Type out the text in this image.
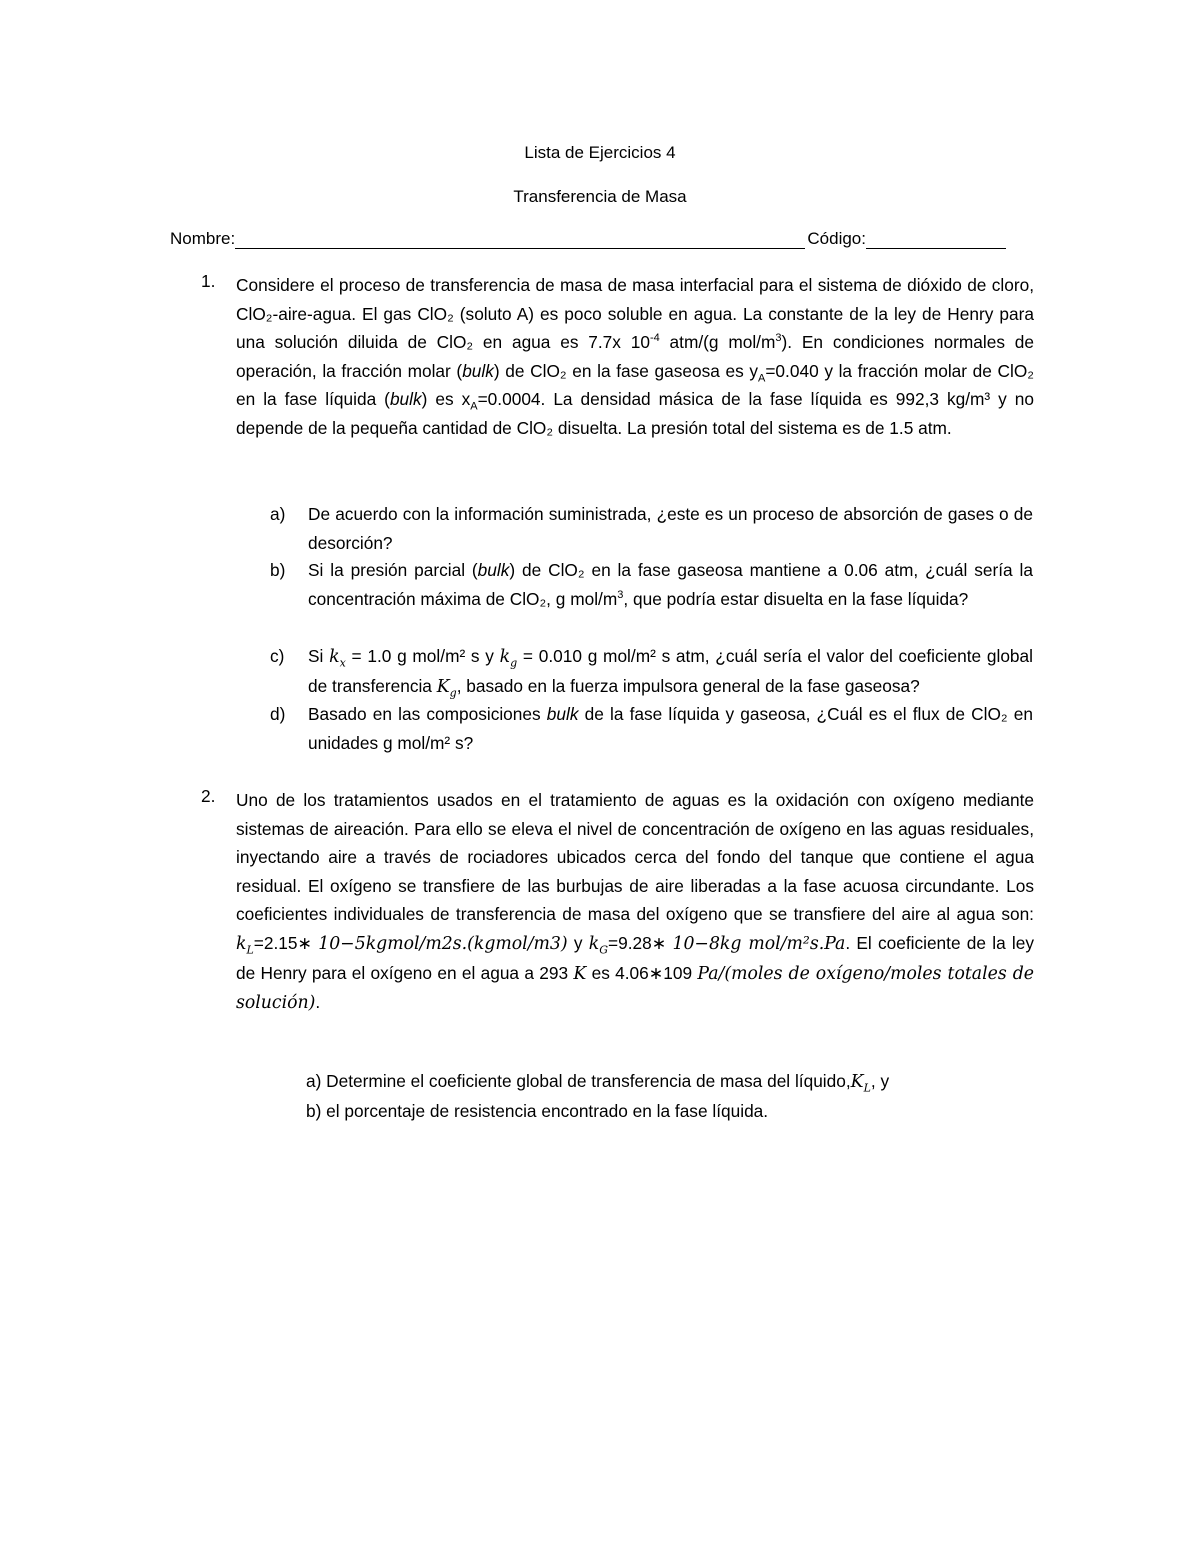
Lista de Ejercicios 4
Transferencia de Masa
Nombre:	Código:
1. Considere el proceso de transferencia de masa de masa interfacial para el sistema de dióxido de cloro, ClO₂-aire-agua. El gas ClO₂ (soluto A) es poco soluble en agua. La constante de la ley de Henry para una solución diluida de ClO₂ en agua es 7.7x $10^{-4}$ atm/(g mol/$m^3$). En condiciones normales de operación, la fracción molar (bulk) de ClO₂ en la fase gaseosa es $y_A=0.040$ y la fracción molar de ClO₂ en la fase líquida (bulk) es $x_A=0.0004$. La densidad másica de la fase líquida es 992,3 kg/m³ y no depende de la pequeña cantidad de ClO₂ disuelta. La presión total del sistema es de 1.5 atm.
a) De acuerdo con la información suministrada, ¿este es un proceso de absorción de gases o de desorción?
b) Si la presión parcial (bulk) de ClO₂ en la fase gaseosa mantiene a 0.06 atm, ¿cuál sería la concentración máxima de ClO₂, g mol/$m^3$, que podría estar disuelta en la fase líquida?
c) Si $k_x = 1.0$ g mol/m² s y $k_g = 0.010$ g mol/m² s atm, ¿cuál sería el valor del coeficiente global de transferencia $K_g$, basado en la fuerza impulsora general de la fase gaseosa?
d) Basado en las composiciones bulk de la fase líquida y gaseosa, ¿Cuál es el flux de ClO₂ en unidades g mol/m² s?
2. Uno de los tratamientos usados en el tratamiento de aguas es la oxidación con oxígeno mediante sistemas de aireación. Para ello se eleva el nivel de concentración de oxígeno en las aguas residuales, inyectando aire a través de rociadores ubicados cerca del fondo del tanque que contiene el agua residual. El oxígeno se transfiere de las burbujas de aire liberadas a la fase acuosa circundante. Los coeficientes individuales de transferencia de masa del oxígeno que se transfiere del aire al agua son: $k_L=2.15∗$ 10−5kgmol/m2s.(kgmol/m3) y $k_G=9.28∗$ 10−8kg mol/m²s.Pa. El coeficiente de la ley de Henry para el oxígeno en el agua a 293 K es 4.06∗109 Pa/(moles de oxígeno/moles totales de solución).
a) Determine el coeficiente global de transferencia de masa del $líquido,K_L$, y
b) el porcentaje de resistencia encontrado en la fase líquida.
